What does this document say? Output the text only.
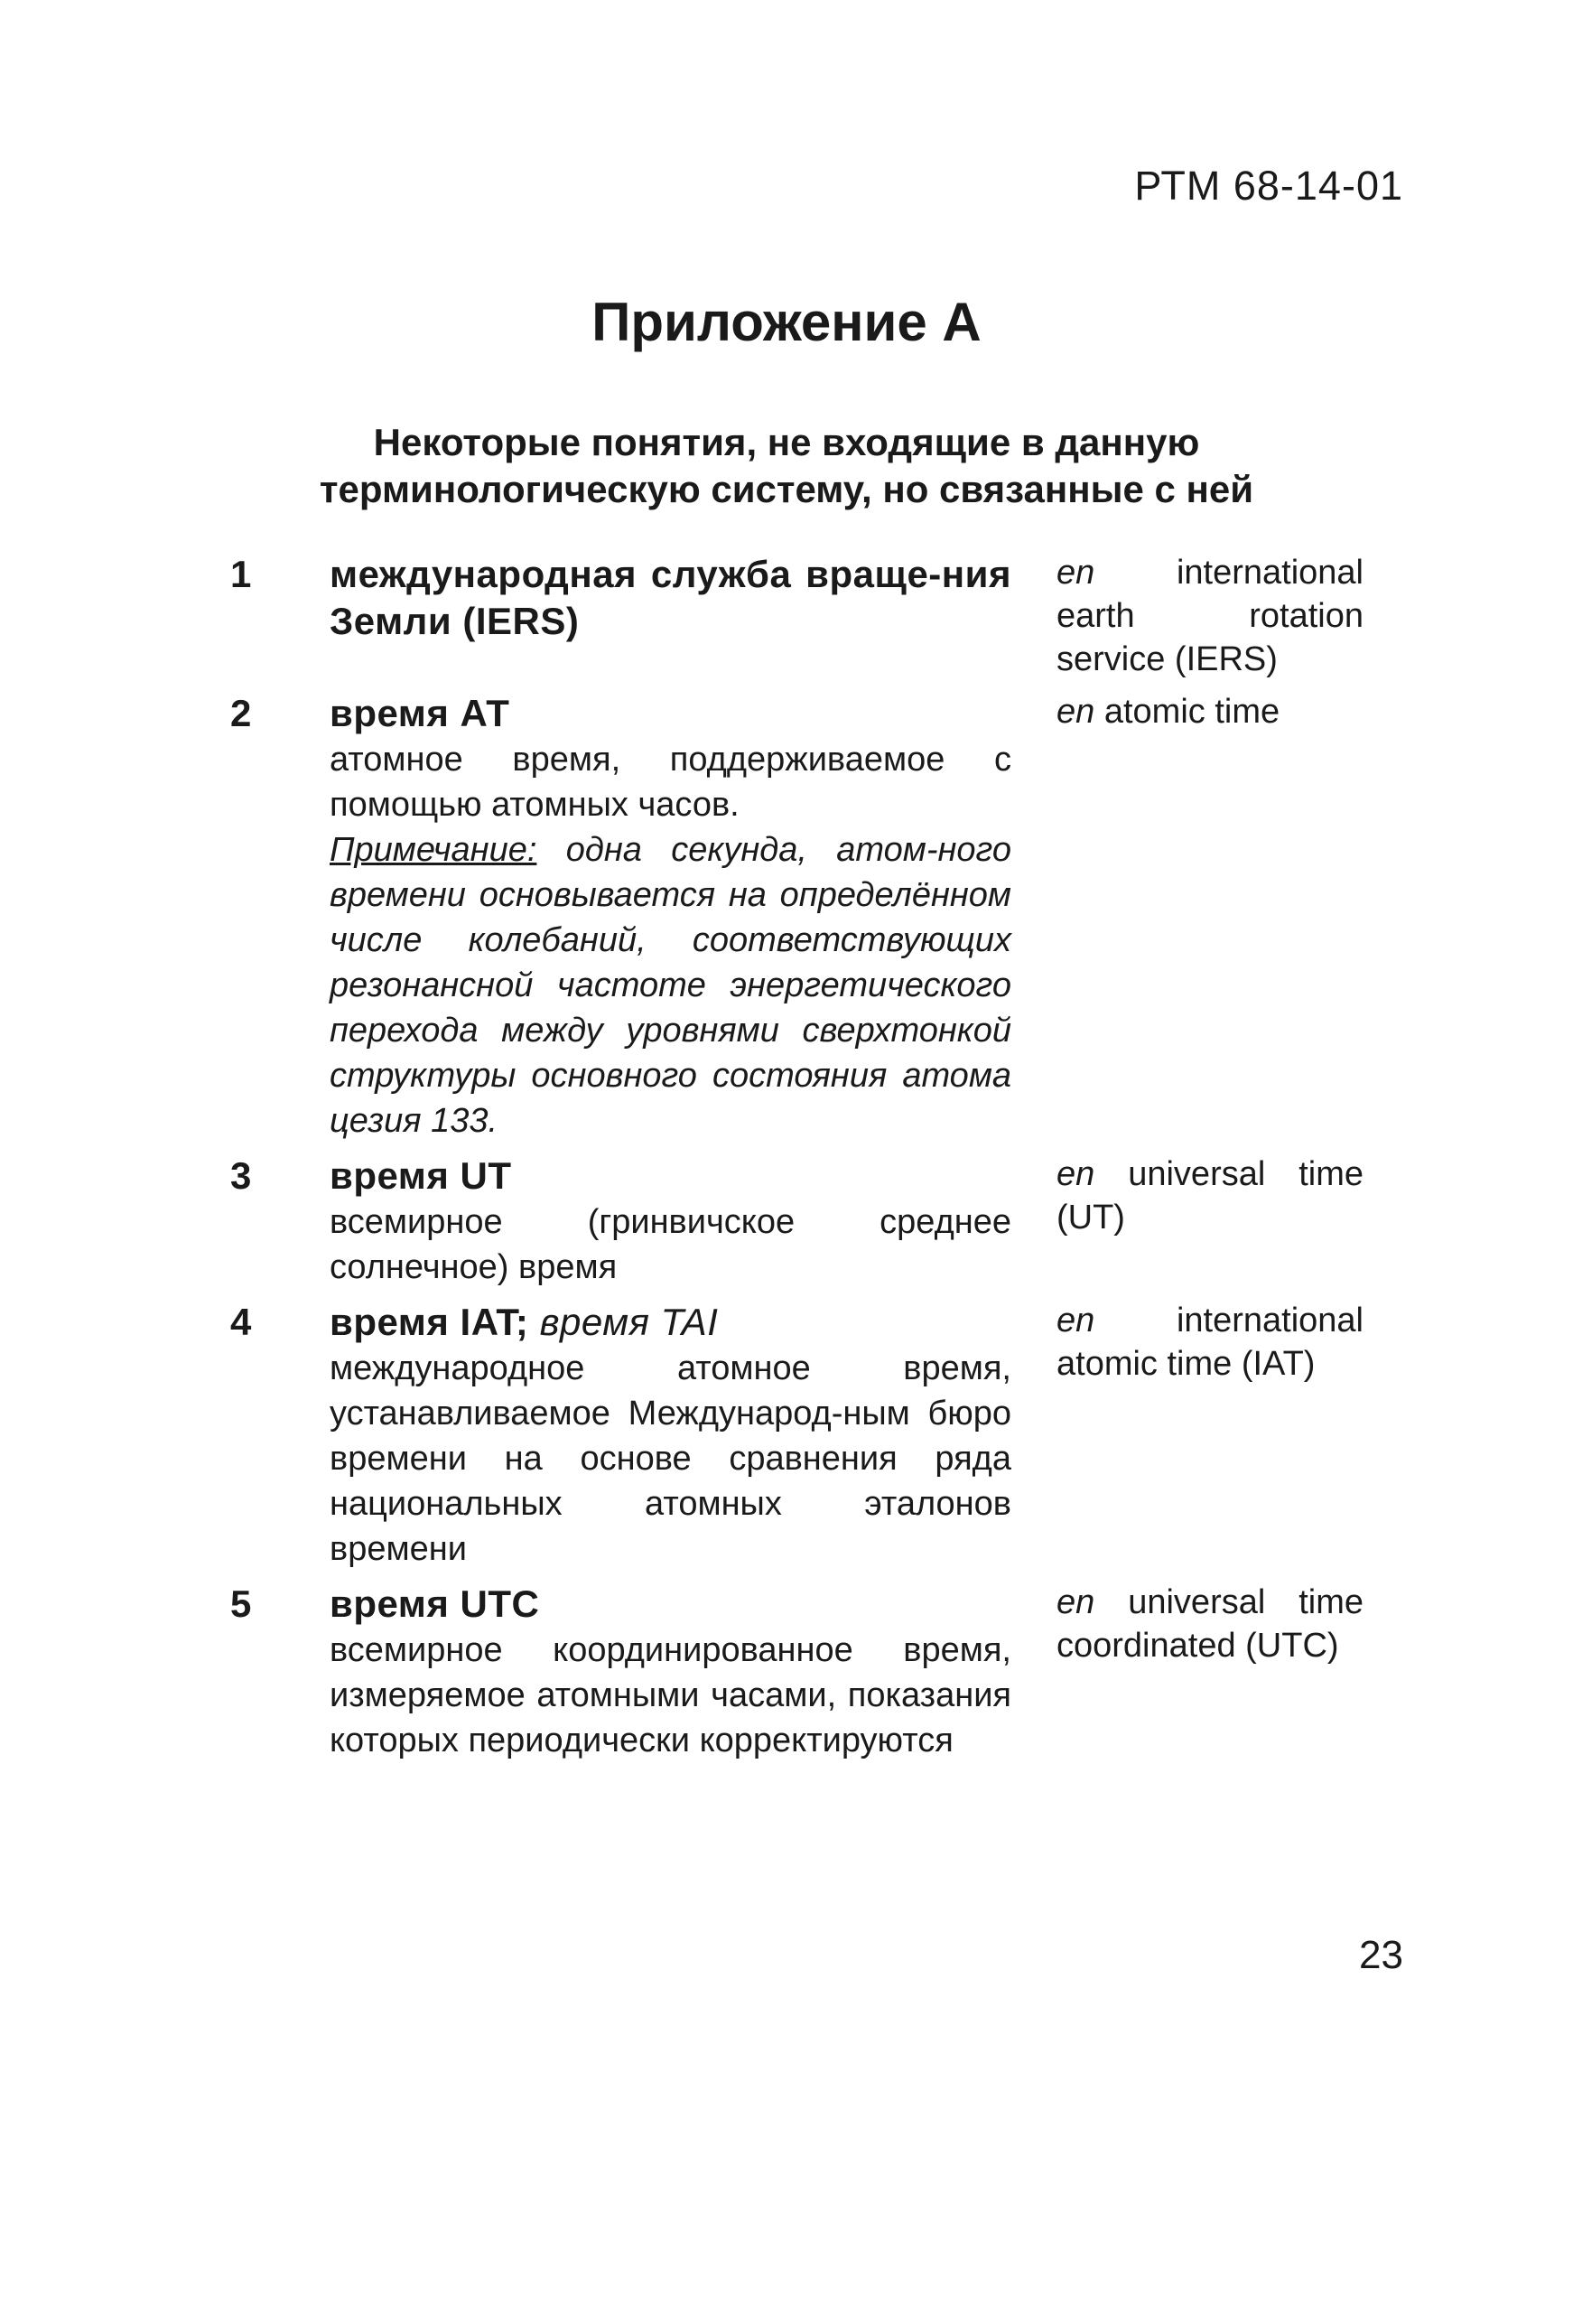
РТМ 68-14-01
Приложение А
Некоторые понятия, не входящие в данную
терминологическую систему, но связанные с ней
1	международная служба враще-ния Земли (IERS)
en international earth rotation service (IERS)
2	время АТ
атомное время, поддерживаемое с помощью атомных часов.
Примечание: одна секунда, атом-ного времени основывается на определённом числе колебаний, соответствующих резонансной частоте энергетического перехода между уровнями сверхтонкой структуры основного состояния атома цезия 133.
en atomic time
3	время UT
всемирное (гринвичское среднее солнечное) время
en universal time (UT)
4	время IAT; время TAI
международное атомное время, устанавливаемое Международ-ным бюро времени на основе сравнения ряда национальных атомных эталонов времени
en international atomic time (IAT)
5	время UTC
всемирное координированное время, измеряемое атомными часами, показания которых периодически корректируются
en universal time coordinated (UTC)
23
